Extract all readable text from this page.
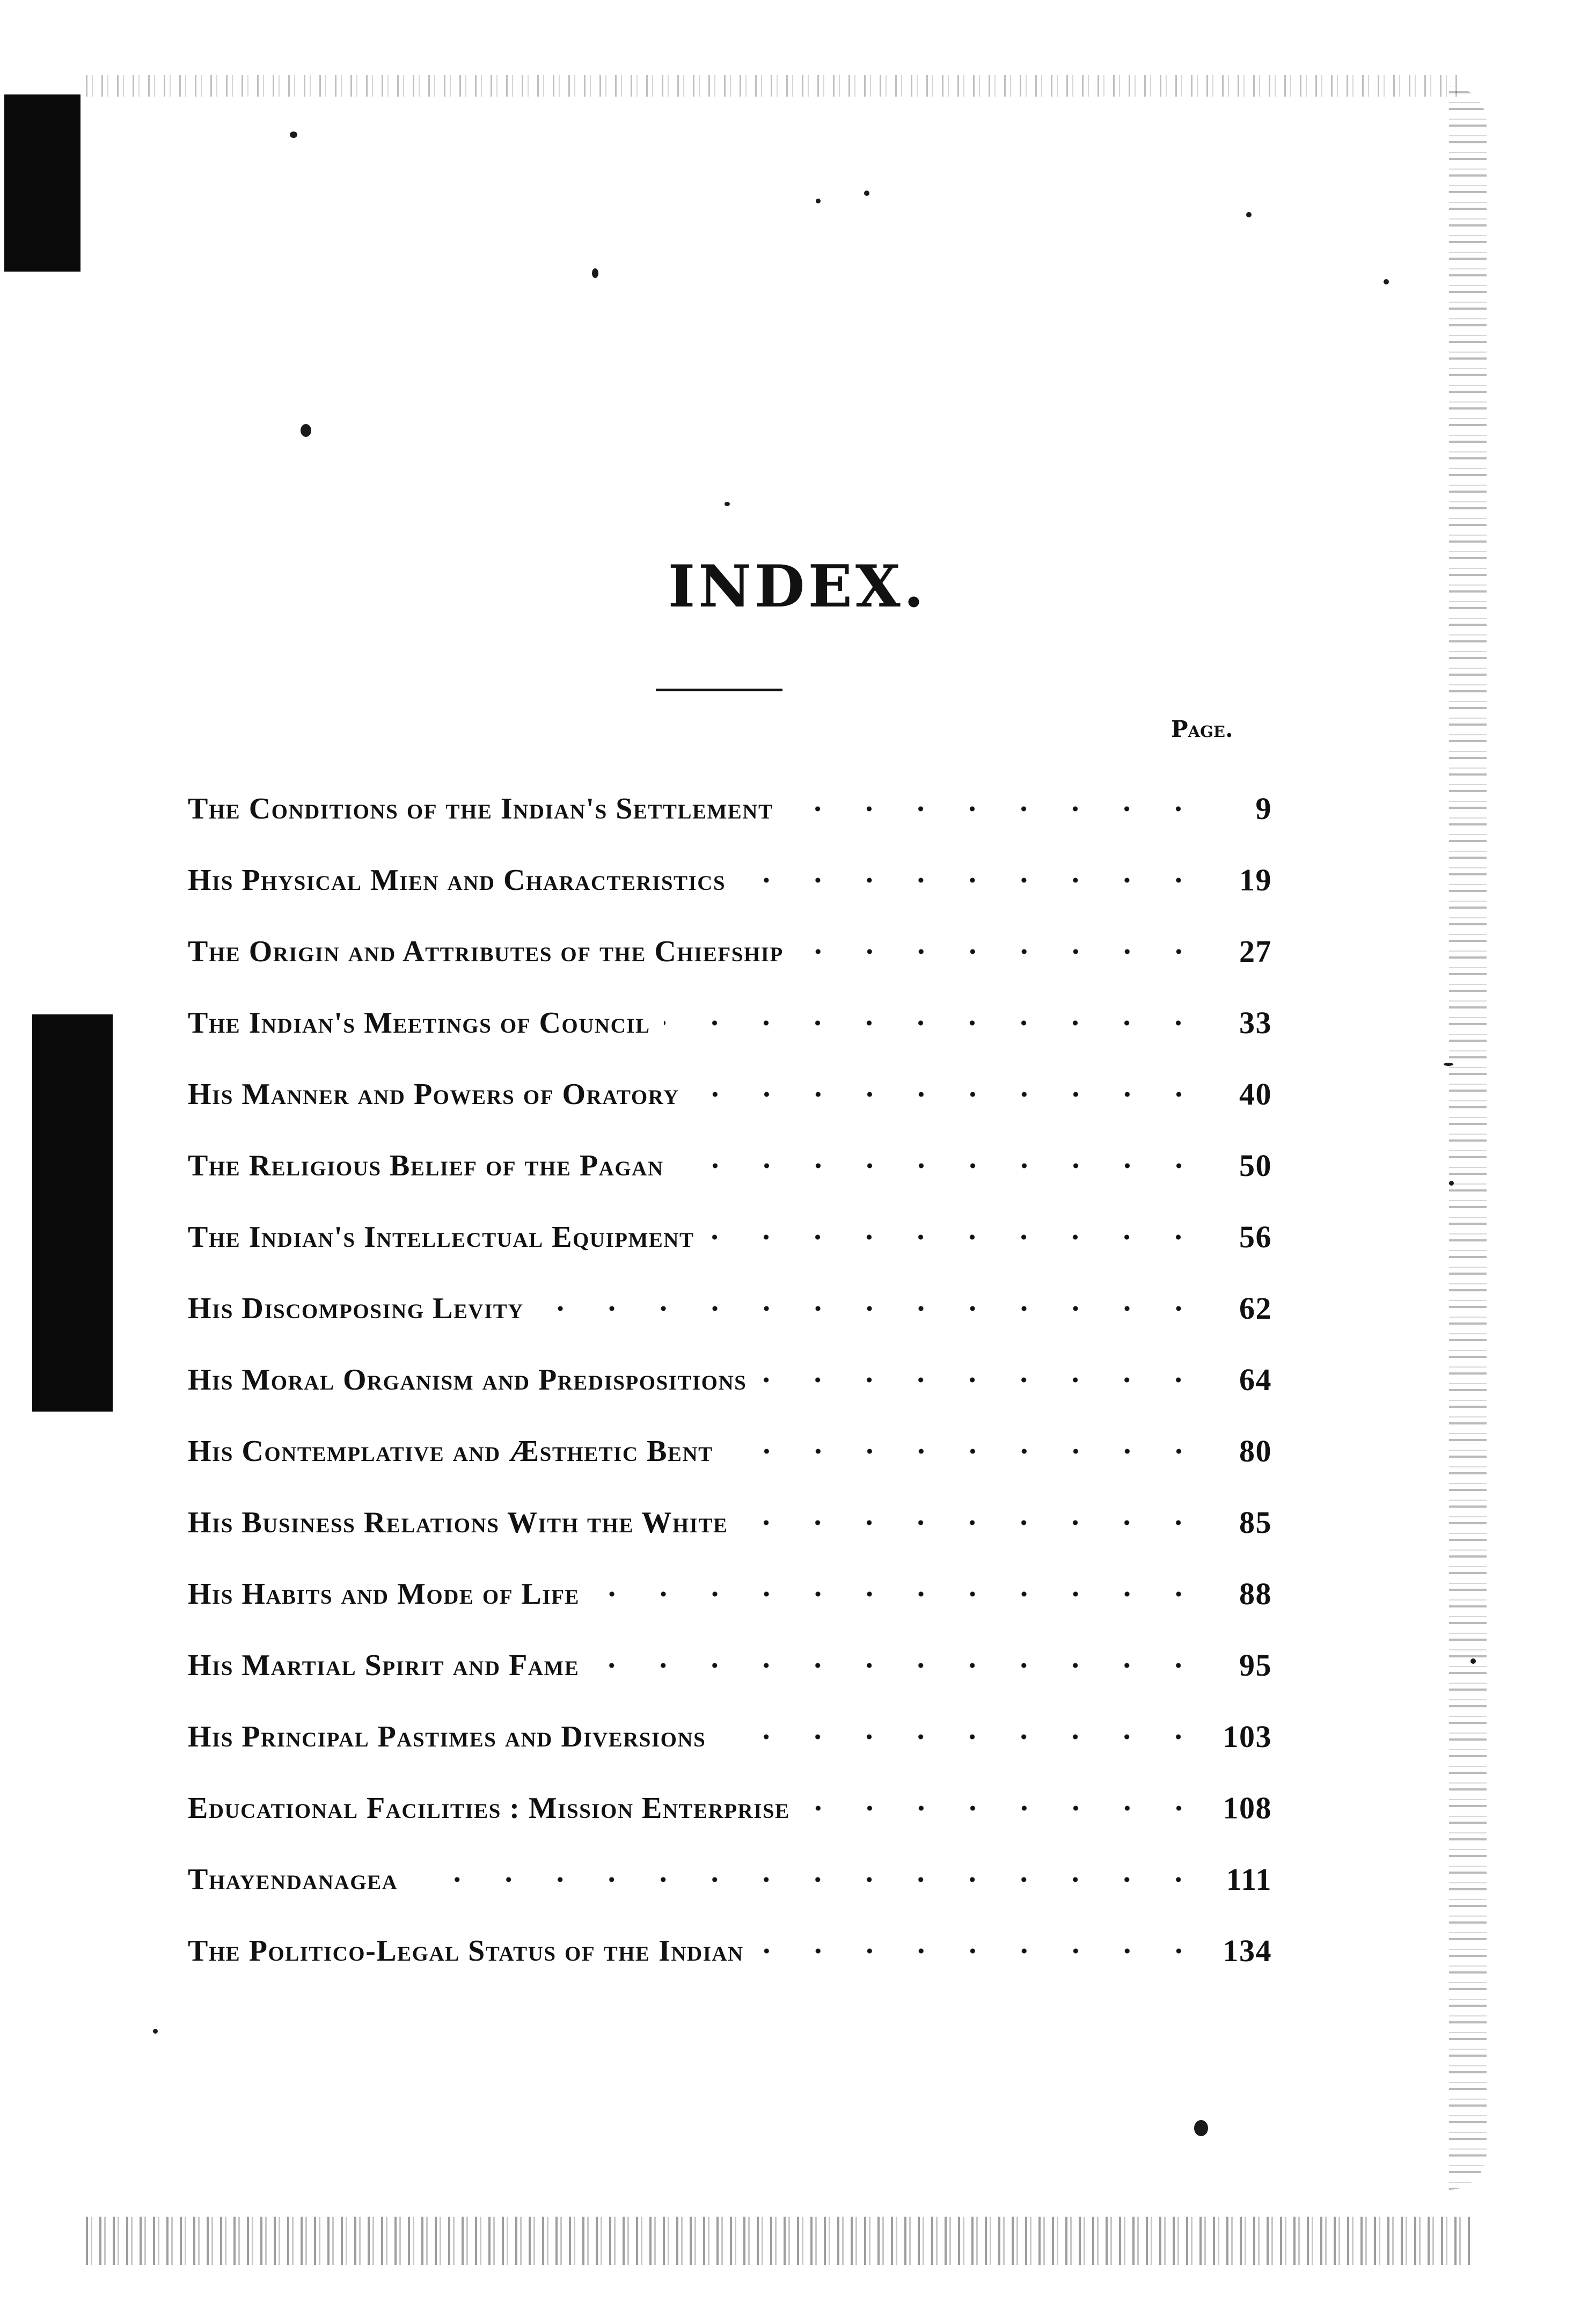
INDEX.
Page.
The Conditions of the Indian's Settlement	9
His Physical Mien and Characteristics	19
The Origin and Attributes of the Chiefship	27
The Indian's Meetings of Council	33
His Manner and Powers of Oratory	40
The Religious Belief of the Pagan	50
The Indian's Intellectual Equipment	56
His Discomposing Levity	62
His Moral Organism and Predispositions	64
His Contemplative and Æsthetic Bent	80
His Business Relations With the White	85
His Habits and Mode of Life	88
His Martial Spirit and Fame	95
His Principal Pastimes and Diversions	103
Educational Facilities : Mission Enterprise	108
Thayendanagea	111
The Politico-Legal Status of the Indian	134
